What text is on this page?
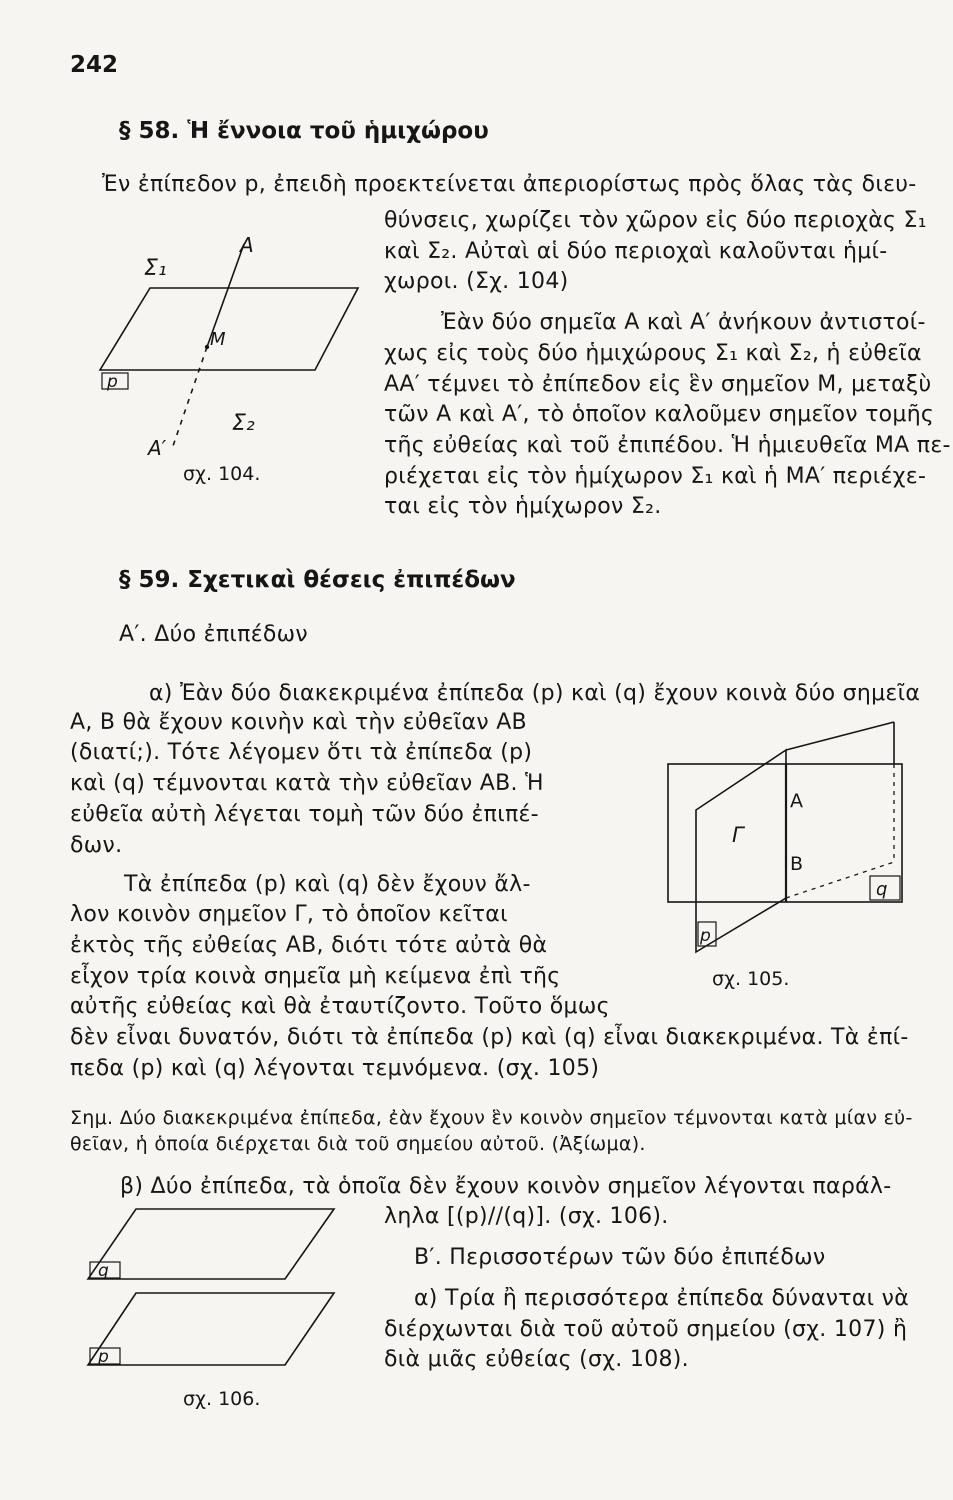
242
§ 58. Ἡ ἔννοια τοῦ ἡμιχώρου
Ἐν ἐπίπεδον p, ἐπειδὴ προεκτείνεται ἀπεριορίστως πρὸς ὅλας τὰς διευ-
θύνσεις, χωρίζει τὸν χῶρον εἰς δύο περιοχὰς Σ₁
καὶ Σ₂. Αὐταὶ αἱ δύο περιοχαὶ καλοῦνται ἡμί-
χωροι. (Σχ. 104)
Ἐὰν δύο σημεῖα Α καὶ Α′ ἀνήκουν ἀντιστοί-
χως εἰς τοὺς δύο ἡμιχώρους Σ₁ καὶ Σ₂, ἡ εὐθεῖα
ΑΑ′ τέμνει τὸ ἐπίπεδον εἰς ἓν σημεῖον Μ, μεταξὺ
τῶν Α καὶ Α′, τὸ ὁποῖον καλοῦμεν σημεῖον τομῆς
τῆς εὐθείας καὶ τοῦ ἐπιπέδου. Ἡ ἡμιευθεῖα ΜΑ πε-
ριέχεται εἰς τὸν ἡμίχωρον Σ₁ καὶ ἡ ΜΑ′ περιέχε-
ται εἰς τὸν ἡμίχωρον Σ₂.
Σ₁
Α
Μ
Σ₂
Α′
p
σχ. 104.
§ 59. Σχετικαὶ θέσεις ἐπιπέδων
Α′. Δύο ἐπιπέδων
α) Ἐὰν δύο διακεκριμένα ἐπίπεδα (p) καὶ (q) ἔχουν κοινὰ δύο σημεῖα
Α, Β θὰ ἔχουν κοινὴν καὶ τὴν εὐθεῖαν ΑΒ
(διατί;). Τότε λέγομεν ὅτι τὰ ἐπίπεδα (p)
καὶ (q) τέμνονται κατὰ τὴν εὐθεῖαν ΑΒ. Ἡ
εὐθεῖα αὐτὴ λέγεται τομὴ τῶν δύο ἐπιπέ-
δων.
Τὰ ἐπίπεδα (p) καὶ (q) δὲν ἔχουν ἄλ-
λον κοινὸν σημεῖον Γ, τὸ ὁποῖον κεῖται
ἐκτὸς τῆς εὐθείας ΑΒ, διότι τότε αὐτὰ θὰ
εἶχον τρία κοινὰ σημεῖα μὴ κείμενα ἐπὶ τῆς
αὐτῆς εὐθείας καὶ θὰ ἐταυτίζοντο. Τοῦτο ὅμως
δὲν εἶναι δυνατόν, διότι τὰ ἐπίπεδα (p) καὶ (q) εἶναι διακεκριμένα. Τὰ ἐπί-
πεδα (p) καὶ (q) λέγονται τεμνόμενα. (σχ. 105)
Σημ. Δύο διακεκριμένα ἐπίπεδα, ἐὰν ἔχουν ἓν κοινὸν σημεῖον τέμνονται κατὰ μίαν εὐ-
θεῖαν, ἡ ὁποία διέρχεται διὰ τοῦ σημείου αὐτοῦ. (Ἀξίωμα).
β) Δύο ἐπίπεδα, τὰ ὁποῖα δὲν ἔχουν κοινὸν σημεῖον λέγονται παράλ-
ληλα [(p)//(q)]. (σχ. 106).
Β′. Περισσοτέρων τῶν δύο ἐπιπέδων
α) Τρία ἢ περισσότερα ἐπίπεδα δύνανται νὰ
διέρχωνται διὰ τοῦ αὐτοῦ σημείου (σχ. 107) ἢ
διὰ μιᾶς εὐθείας (σχ. 108).
Α
Β
Γ
q
p
σχ. 105.
q
p
σχ. 106.
